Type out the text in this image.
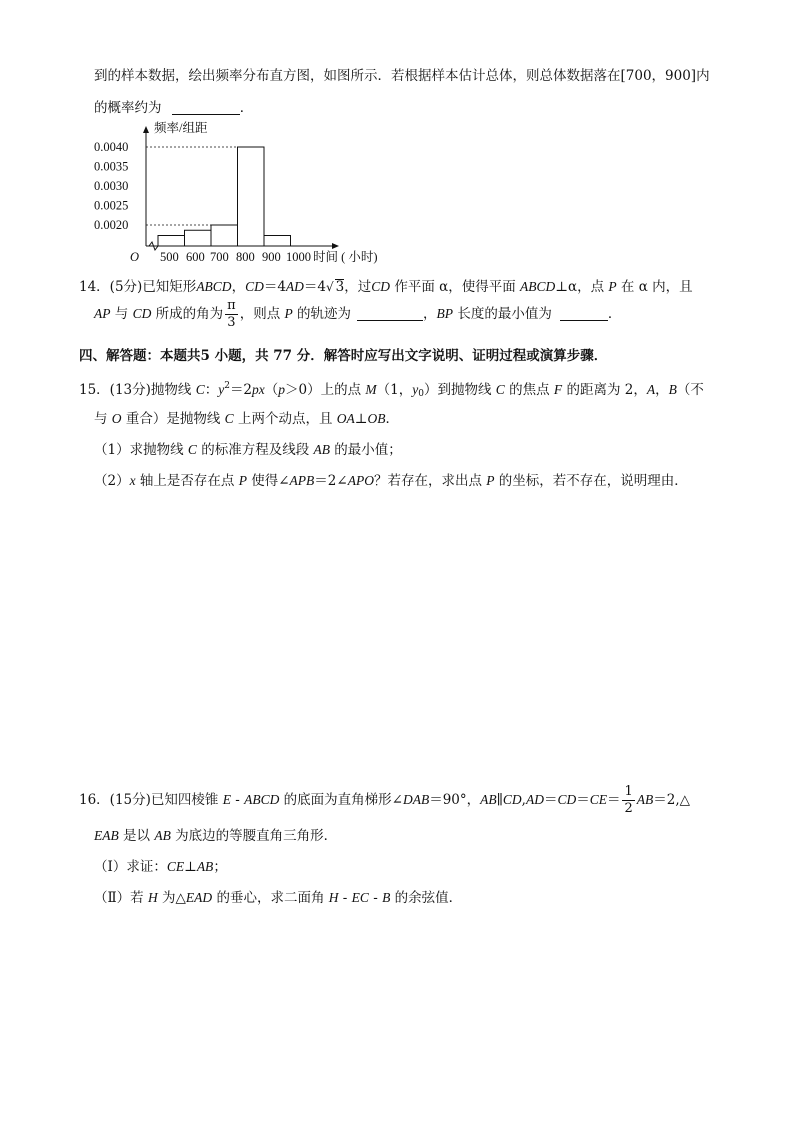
到的样本数据，绘出频率分布直方图，如图所示．若根据样本估计总体，则总体数据落在[700，900]内
的概率约为	．
频率/组距
时间 ( 小时)
O
0.0040
0.0035
0.0030
0.0025
0.0020
500 600 700 800 900 1000
14．(5分)已知矩形ABCD，CD＝4AD＝4√ 3，过CD 作平面 α，使得平面 ABCD⊥α，点 P 在 α 内，且
AP 与 CD 所成的角为 $\frac{\pi}{3}$ ，则点 P 的轨迹为	，BP 长度的最小值为	．
四、解答题：本题共5 小题，共 77 分．解答时应写出文字说明、证明过程或演算步骤．
15．(13分)抛物线 C：$y^2=2px(p>0)$上的点 M（1，$y_0$）到抛物线 C 的焦点 F 的距离为 2，A，B（不
与 O 重合）是抛物线 C 上两个动点，且 OA⊥OB．
（1）求抛物线 C 的标准方程及线段 AB 的最小值；
（2）x 轴上是否存在点 P 使得∠APB＝2∠APO？若存在，求出点 P 的坐标，若不存在，说明理由．
16．(15分)已知四棱锥 E - ABCD 的底面为直角梯形∠DAB＝90°，AB∥CD,AD＝CD＝CE＝ $\frac{1}{2}$ AB＝2,△
EAB 是以 AB 为底边的等腰直角三角形．
（Ⅰ）求证：CE⊥AB；
（Ⅱ）若 H 为△EAD 的垂心，求二面角 H - EC - B 的余弦值．
